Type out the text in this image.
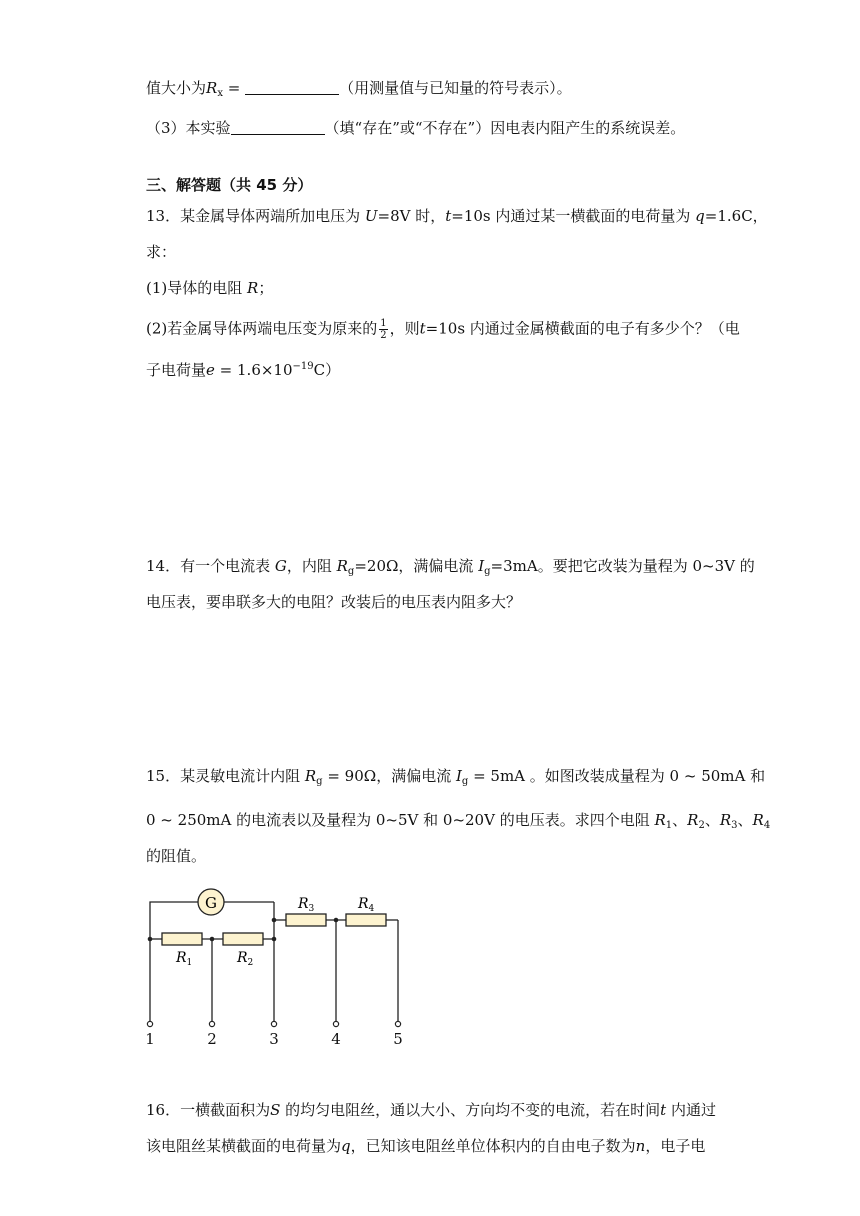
值大小为$R_x$ =	（用测量值与已知量的符号表示）。
（3）本实验	（填“存在”或“不存在”）因电表内阻产生的系统误差。
三、解答题（共 45 分）
13．某金属导体两端所加电压为 U=8V 时，t=10s 内通过某一横截面的电荷量为 q=1.6C，
求：
(1)导体的电阻 R；
(2)若金属导体两端电压变为原来的 $\frac{1}{2}$ ，则t=10s 内通过金属横截面的电子有多少个？（电
子电荷量$e = 1.6\times 10^{-19}C$）
14．有一个电流表 G，内阻 $R_g=20\Omega$，满偏电流 $I_g=3mA$。要把它改装为量程为 0~3V 的
电压表，要串联多大的电阻？改装后的电压表内阻多大？
15．某灵敏电流计内阻 $R_g = 90\Omega$，满偏电流 $I_g = 5mA$ 。如图改装成量程为 0 ~ 50mA 和
0 ~ 250mA 的电流表以及量程为 0~5V 和 0~20V 的电压表。求四个电阻 $R_1$、$R_2$、$R_3$、$R_4$
的阻值。
G
$R_1$	$R_2$
$R_3$	$R_4$
1	2	3	4	5
16．一横截面积为S 的均匀电阻丝，通以大小、方向均不变的电流，若在时间t 内通过
该电阻丝某横截面的电荷量为q，已知该电阻丝单位体积内的自由电子数为n，电子电
